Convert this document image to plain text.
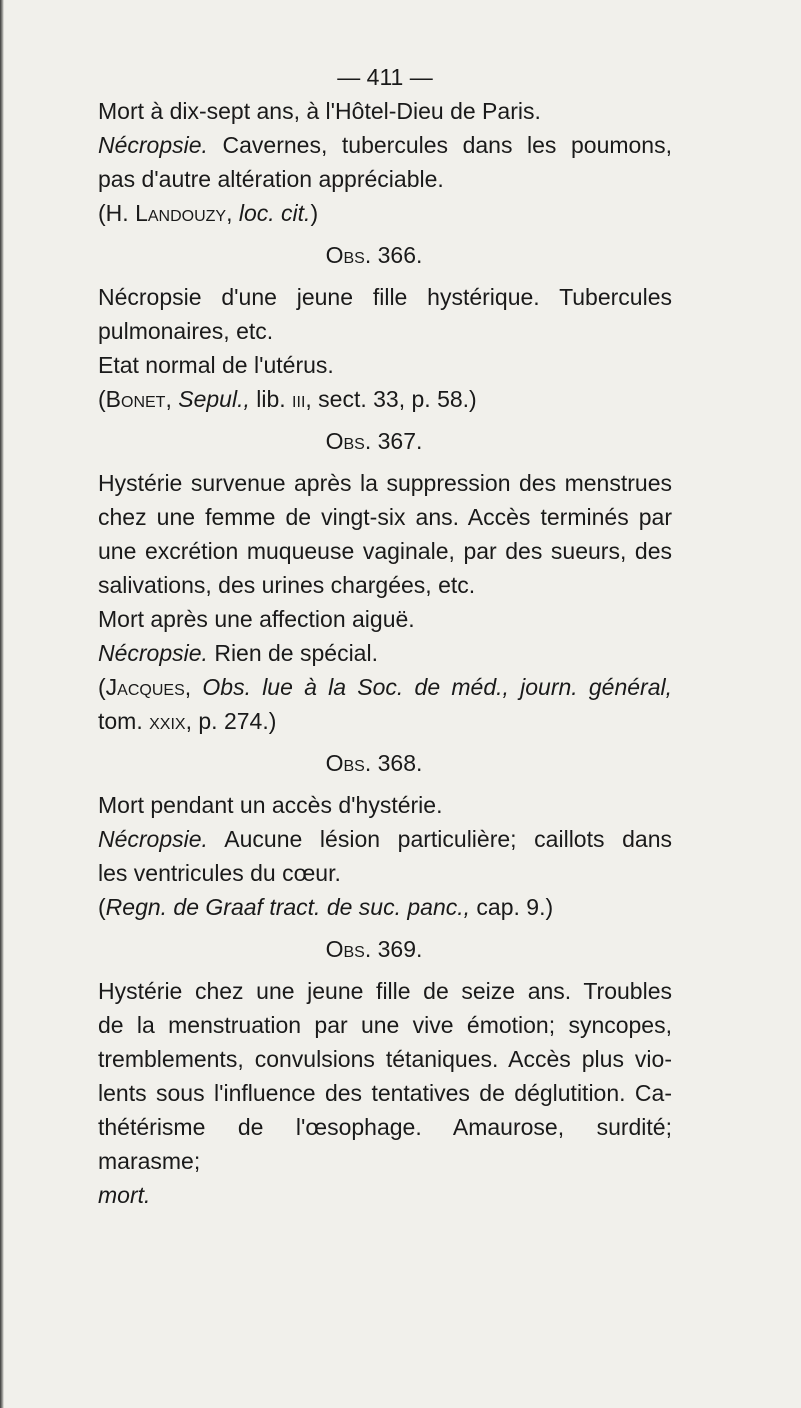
— 411 —

Mort à dix-sept ans, à l'Hôtel-Dieu de Paris.

Nécropsie. Cavernes, tubercules dans les poumons,

pas d'autre altération appréciable.

(H. Landouzy, loc. cit.)

Obs. 366.

Nécropsie d'une jeune fille hystérique. Tubercules

pulmonaires, etc.

Etat normal de l'utérus.

(Bonet, Sepul., lib. iii, sect. 33, p. 58.)

Obs. 367.

Hystérie survenue après la suppression des menstrues

chez une femme de vingt-six ans. Accès terminés par

une excrétion muqueuse vaginale, par des sueurs, des

salivations, des urines chargées, etc.

Mort après une affection aiguë.

Nécropsie. Rien de spécial.

(Jacques, Obs. lue à la Soc. de méd., journ. général,

tom. xxix, p. 274.)

Obs. 368.

Mort pendant un accès d'hystérie.

Nécropsie. Aucune lésion particulière; caillots dans

les ventricules du cœur.

(Regn. de Graaf tract. de suc. panc., cap. 9.)

Obs. 369.

Hystérie chez une jeune fille de seize ans. Troubles

de la menstruation par une vive émotion; syncopes,

tremblements, convulsions tétaniques. Accès plus vio-

lents sous l'influence des tentatives de déglutition. Ca-

thétérisme de l'œsophage. Amaurose, surdité; marasme;

mort.
